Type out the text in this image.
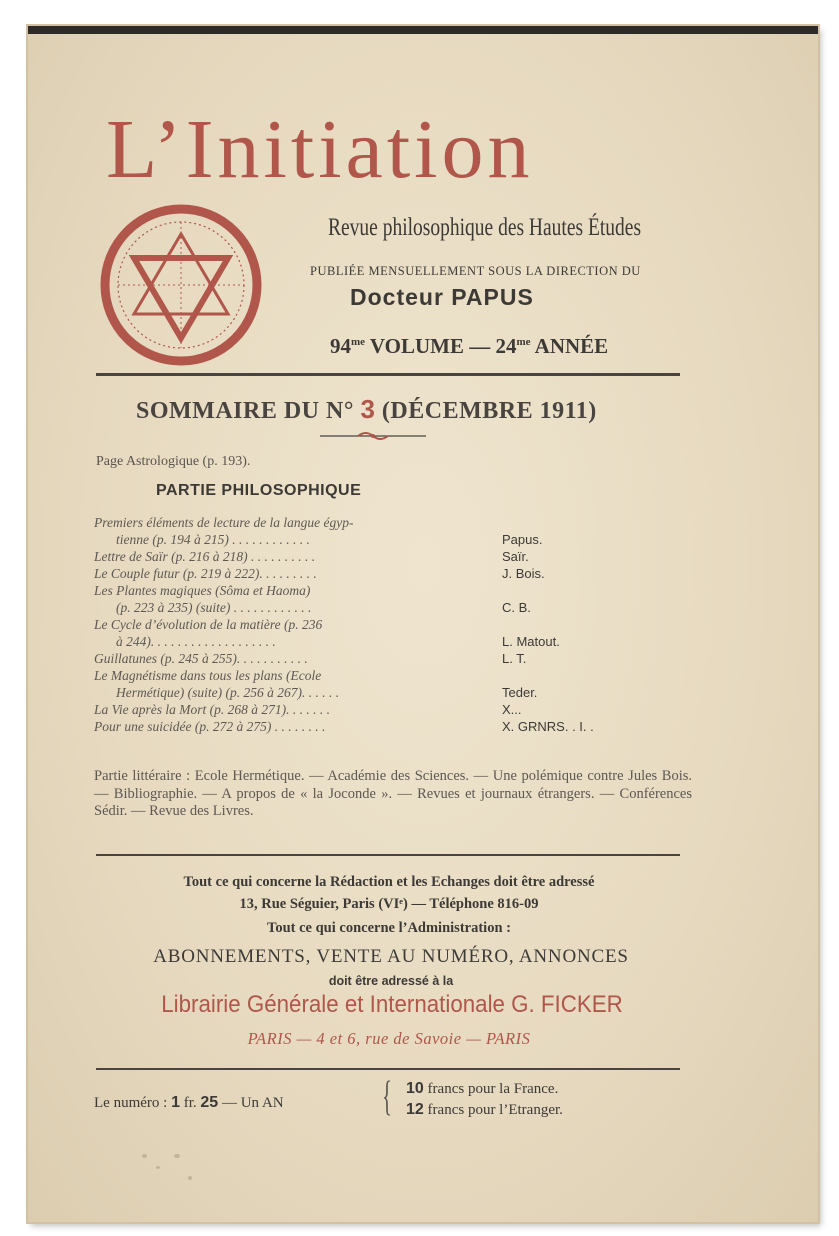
L’Initiation
Revue philosophique des Hautes Études
PUBLIÉE MENSUELLEMENT SOUS LA DIRECTION DU
Docteur PAPUS
$94^{me}$ VOLUME — $24^{me}$ ANNÉE
SOMMAIRE DU N° 3 (DÉCEMBRE 1911)
Page Astrologique (p. 193).
PARTIE PHILOSOPHIQUE
Premiers éléments de lecture de la langue égyp-
tienne (p. 194 à 215) . . . . . . . . . . . .	Papus.
Lettre de Saïr (p. 216 à 218) . . . . . . . . . .	Saïr.
Le Couple futur (p. 219 à 222). . . . . . . . .	J. Bois.
Les Plantes magiques (Sôma et Haoma)
(p. 223 à 235) (suite) . . . . . . . . . . . .	C. B.
Le Cycle d’évolution de la matière (p. 236
à 244). . . . . . . . . . . . . . . . . . .	L. Matout.
Guillatunes (p. 245 à 255). . . . . . . . . . .	L. T.
Le Magnétisme dans tous les plans (Ecole
Hermétique) (suite) (p. 256 à 267). . . . . .	Teder.
La Vie après la Mort (p. 268 à 271). . . . . . .	X...
Pour une suicidée (p. 272 à 275) . . . . . . . .	X. GRNRS. . I. .
Partie littéraire : Ecole Hermétique. — Académie des Sciences. — Une polémique contre Jules Bois. — Bibliographie. — A propos de « la Joconde ». — Revues et journaux étrangers. — Conférences Sédir. — Revue des Livres.
Tout ce qui concerne la Rédaction et les Echanges doit être adressé
13, Rue Séguier, Paris (VIᵉ) — Téléphone 816-09
Tout ce qui concerne l’Administration :
ABONNEMENTS, VENTE AU NUMÉRO, ANNONCES
doit être adressé à la
Librairie Générale et Internationale G. FICKER
PARIS — 4 et 6, rue de Savoie — PARIS
Le numéro : 1 fr. 25 — Un AN { 10 francs pour la France.
12 francs pour l’Etranger.
